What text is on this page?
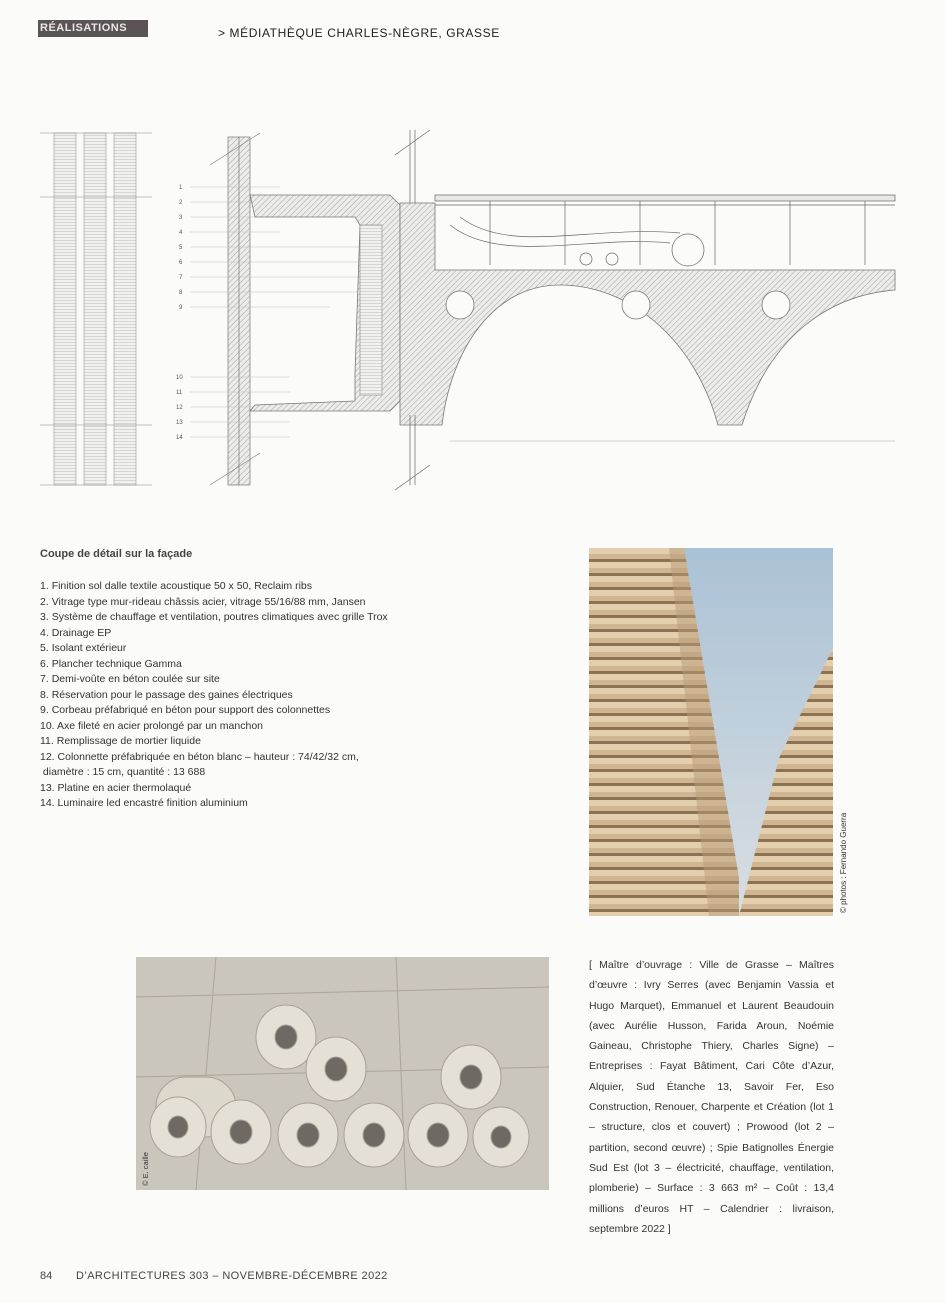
RÉALISATIONS	> MÉDIATHÈQUE CHARLES-NÈGRE, GRASSE
1
2
3
4
5
6
7
8
9
10
11
12
13
14
Coupe de détail sur la façade
1. Finition sol dalle textile acoustique 50 x 50, Reclaim ribs
2. Vitrage type mur-rideau châssis acier, vitrage 55/16/88 mm, Jansen
3. Système de chauffage et ventilation, poutres climatiques avec grille Trox
4. Drainage EP
5. Isolant extérieur
6. Plancher technique Gamma
7. Demi-voûte en béton coulée sur site
8. Réservation pour le passage des gaines électriques
9. Corbeau préfabriqué en béton pour support des colonnettes
10. Axe fileté en acier prolongé par un manchon
11. Remplissage de mortier liquide
12. Colonnette préfabriquée en béton blanc – hauteur : 74/42/32 cm,
diamètre : 15 cm, quantité : 13 688
13. Platine en acier thermolaqué
14. Luminaire led encastré finition aluminium
© photos : Fernando Guerra
© E. caille
[ Maître d’ouvrage : Ville de Grasse – Maîtres d’œuvre : Ivry Serres (avec Benjamin Vassia et Hugo Marquet), Emmanuel et Laurent Beaudouin (avec Aurélie Husson, Farida Aroun, Noémie Gaineau, Christophe Thiery, Charles Signe) – Entreprises : Fayat Bâtiment, Cari Côte d’Azur, Alquier, Sud Étanche 13, Savoir Fer, Eso Construction, Renouer, Charpente et Création (lot 1 – structure, clos et couvert) ; Prowood (lot 2 – partition, second œuvre) ; Spie Batignolles Énergie Sud Est (lot 3 – électricité, chauffage, ventilation, plomberie) – Surface : 3 663 m² – Coût : 13,4 millions d’euros HT – Calendrier : livraison, septembre 2022 ]
84 D’ARCHITECTURES 303 – NOVEMBRE-DÉCEMBRE 2022
